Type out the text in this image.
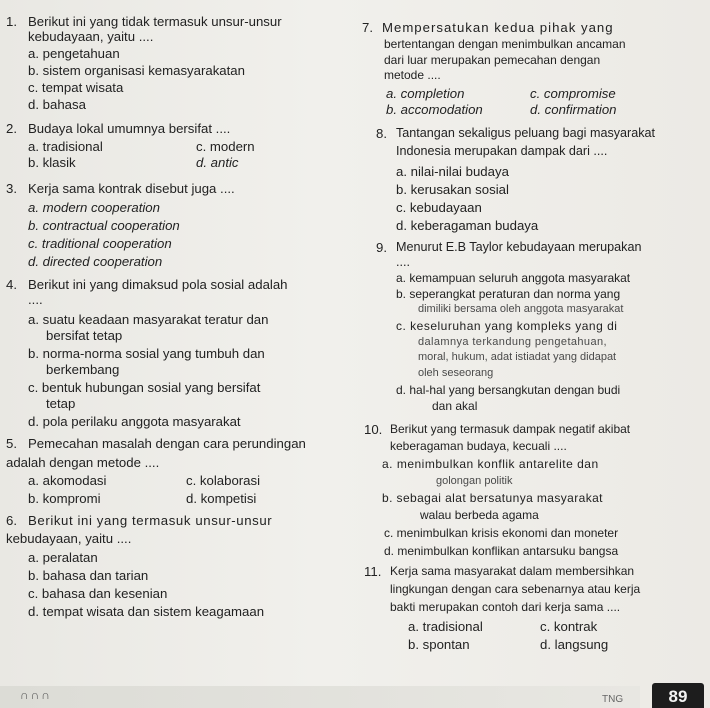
1. Berikut ini yang tidak termasuk unsur-unsur
kebudayaan, yaitu ....
a. pengetahuan
b. sistem organisasi kemasyarakatan
c. tempat wisata
d. bahasa
2. Budaya lokal umumnya bersifat ....
a. tradisional	c. modern
b. klasik	d. antic
3. Kerja sama kontrak disebut juga ....
a. modern cooperation
b. contractual cooperation
c. traditional cooperation
d. directed cooperation
4. Berikut ini yang dimaksud pola sosial adalah
....
a. suatu keadaan masyarakat teratur dan
bersifat tetap
b. norma-norma sosial yang tumbuh dan
berkembang
c. bentuk hubungan sosial yang bersifat
tetap
d. pola perilaku anggota masyarakat
5. Pemecahan masalah dengan cara perundingan
adalah dengan metode ....
a. akomodasi	c. kolaborasi
b. kompromi	d. kompetisi
6. Berikut ini yang termasuk unsur-unsur
kebudayaan, yaitu ....
a. peralatan
b. bahasa dan tarian
c. bahasa dan kesenian
d. tempat wisata dan sistem keagamaan
7. Mempersatukan kedua pihak yang
bertentangan dengan menimbulkan ancaman
dari luar merupakan pemecahan dengan
metode ....
a. completion	c. compromise
b. accomodation	d. confirmation
8. Tantangan sekaligus peluang bagi masyarakat
Indonesia merupakan dampak dari ....
a. nilai-nilai budaya
b. kerusakan sosial
c. kebudayaan
d. keberagaman budaya
9. Menurut E.B Taylor kebudayaan merupakan
....
a. kemampuan seluruh anggota masyarakat
b. seperangkat peraturan dan norma yang
dimiliki bersama oleh anggota masyarakat
c. keseluruhan yang kompleks yang di
dalamnya terkandung pengetahuan,
moral, hukum, adat istiadat yang didapat
oleh seseorang
d. hal-hal yang bersangkutan dengan budi
dan akal
10. Berikut yang termasuk dampak negatif akibat
keberagaman budaya, kecuali ....
a. menimbulkan konflik antarelite dan
golongan politik
b. sebagai alat bersatunya masyarakat
walau berbeda agama
c. menimbulkan krisis ekonomi dan moneter
d. menimbulkan konflikan antarsuku bangsa
11. Kerja sama masyarakat dalam membersihkan
lingkungan dengan cara sebenarnya atau kerja
bakti merupakan contoh dari kerja sama ....
a. tradisional	c. kontrak
b. spontan	d. langsung
∩∩∩	TNG	89
